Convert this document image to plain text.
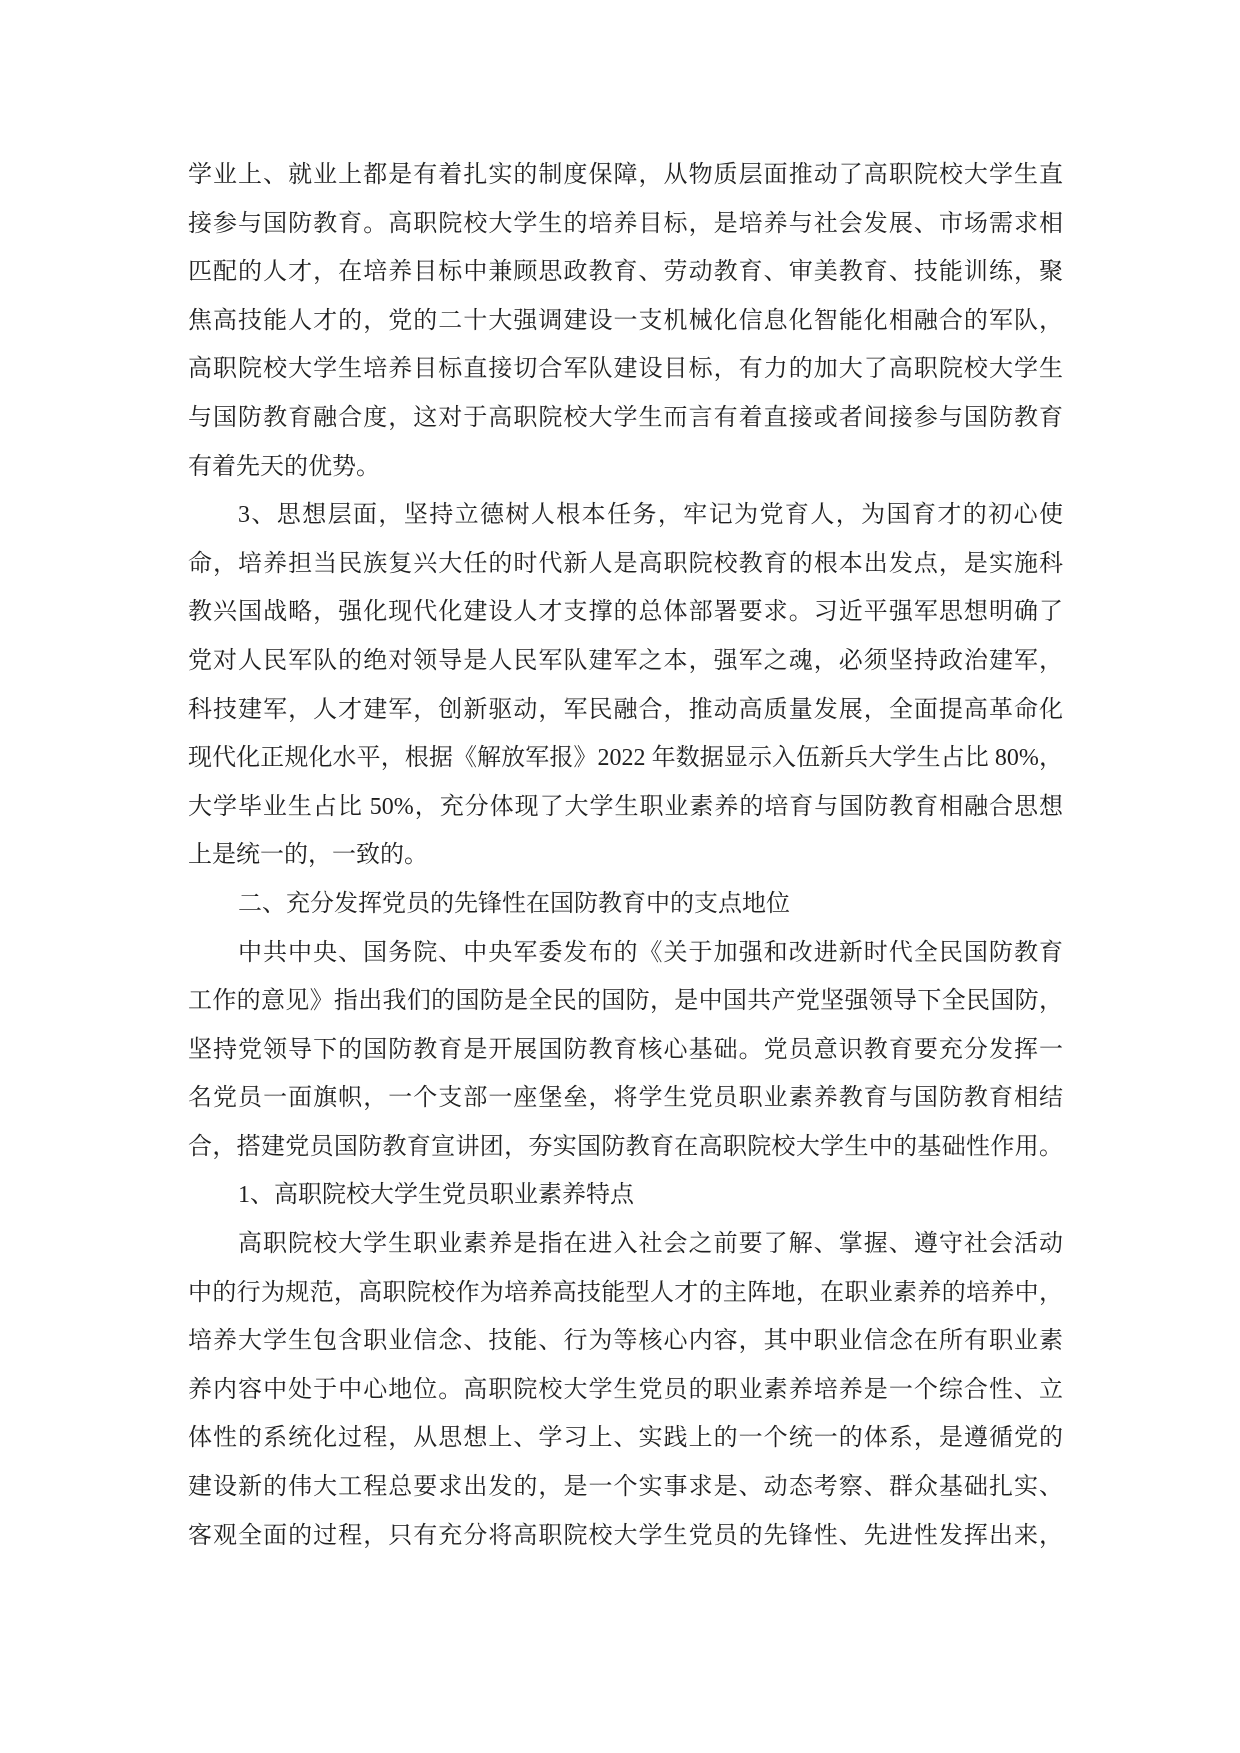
学业上、就业上都是有着扎实的制度保障，从物质层面推动了高职院校大学生直
接参与国防教育。高职院校大学生的培养目标，是培养与社会发展、市场需求相
匹配的人才，在培养目标中兼顾思政教育、劳动教育、审美教育、技能训练，聚
焦高技能人才的，党的二十大强调建设一支机械化信息化智能化相融合的军队，
高职院校大学生培养目标直接切合军队建设目标，有力的加大了高职院校大学生
与国防教育融合度，这对于高职院校大学生而言有着直接或者间接参与国防教育
有着先天的优势。
3、思想层面，坚持立德树人根本任务，牢记为党育人，为国育才的初心使
命，培养担当民族复兴大任的时代新人是高职院校教育的根本出发点，是实施科
教兴国战略，强化现代化建设人才支撑的总体部署要求。习近平强军思想明确了
党对人民军队的绝对领导是人民军队建军之本，强军之魂，必须坚持政治建军，
科技建军，人才建军，创新驱动，军民融合，推动高质量发展，全面提高革命化
现代化正规化水平，根据《解放军报》2022 年数据显示入伍新兵大学生占比 80%，
大学毕业生占比 50%，充分体现了大学生职业素养的培育与国防教育相融合思想
上是统一的，一致的。
二、充分发挥党员的先锋性在国防教育中的支点地位
中共中央、国务院、中央军委发布的《关于加强和改进新时代全民国防教育
工作的意见》指出我们的国防是全民的国防，是中国共产党坚强领导下全民国防，
坚持党领导下的国防教育是开展国防教育核心基础。党员意识教育要充分发挥一
名党员一面旗帜，一个支部一座堡垒，将学生党员职业素养教育与国防教育相结
合，搭建党员国防教育宣讲团，夯实国防教育在高职院校大学生中的基础性作用。
1、高职院校大学生党员职业素养特点
高职院校大学生职业素养是指在进入社会之前要了解、掌握、遵守社会活动
中的行为规范，高职院校作为培养高技能型人才的主阵地，在职业素养的培养中，
培养大学生包含职业信念、技能、行为等核心内容，其中职业信念在所有职业素
养内容中处于中心地位。高职院校大学生党员的职业素养培养是一个综合性、立
体性的系统化过程，从思想上、学习上、实践上的一个统一的体系，是遵循党的
建设新的伟大工程总要求出发的，是一个实事求是、动态考察、群众基础扎实、
客观全面的过程，只有充分将高职院校大学生党员的先锋性、先进性发挥出来，
